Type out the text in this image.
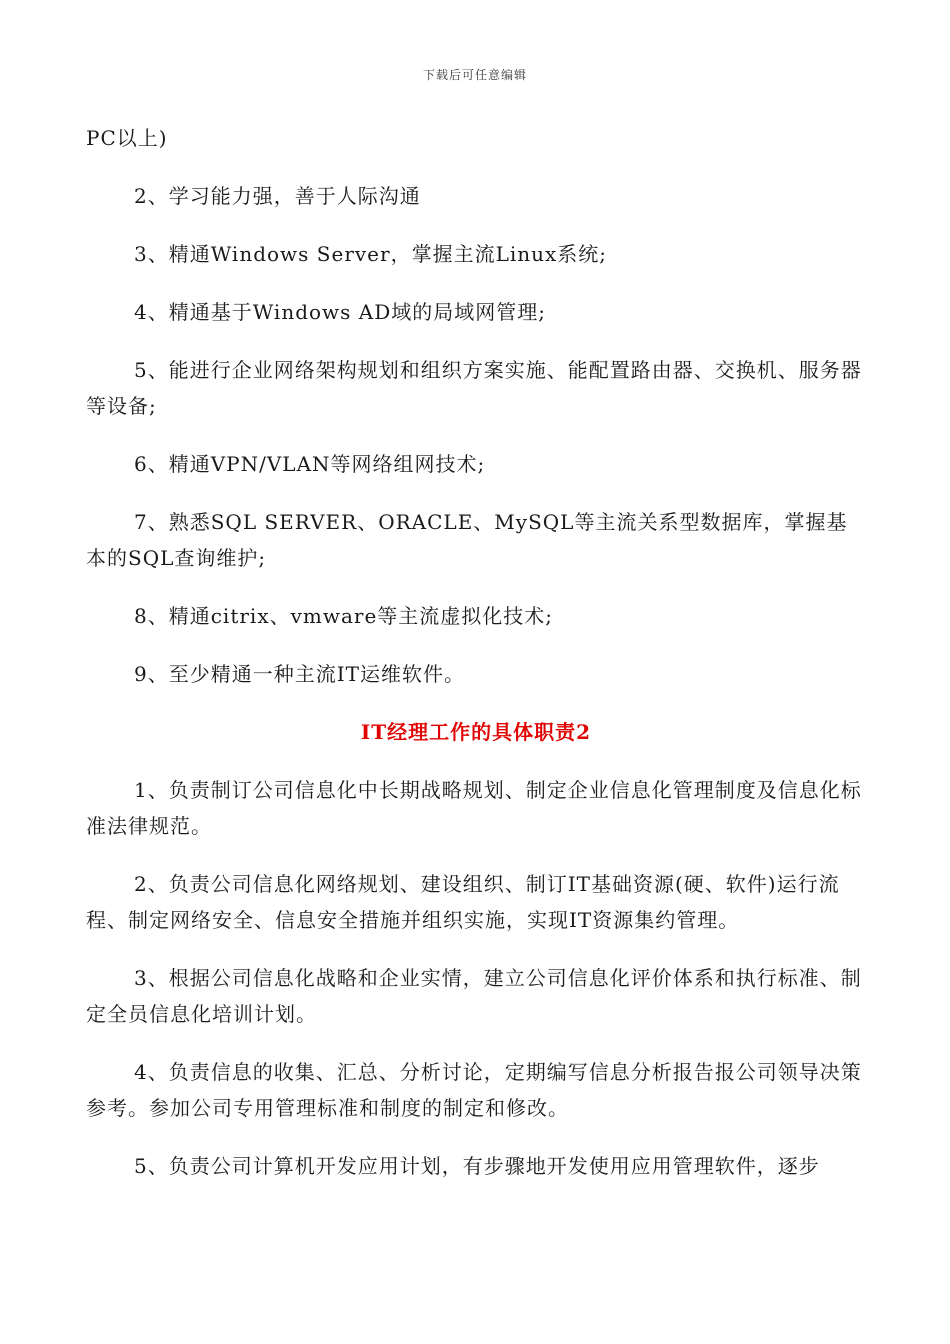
下载后可任意编辑

PC以上)

2、学习能力强，善于人际沟通

3、精通Windows Server，掌握主流Linux系统;

4、精通基于Windows AD域的局域网管理;

5、能进行企业网络架构规划和组织方案实施、能配置路由器、交换机、服务器等设备;

6、精通VPN/VLAN等网络组网技术;

7、熟悉SQL SERVER、ORACLE、MySQL等主流关系型数据库，掌握基本的SQL查询维护;

8、精通citrix、vmware等主流虚拟化技术;

9、至少精通一种主流IT运维软件。

IT经理工作的具体职责2

1、负责制订公司信息化中长期战略规划、制定企业信息化管理制度及信息化标准法律规范。

2、负责公司信息化网络规划、建设组织、制订IT基础资源(硬、软件)运行流程、制定网络安全、信息安全措施并组织实施，实现IT资源集约管理。

3、根据公司信息化战略和企业实情，建立公司信息化评价体系和执行标准、制定全员信息化培训计划。

4、负责信息的收集、汇总、分析讨论，定期编写信息分析报告报公司领导决策参考。参加公司专用管理标准和制度的制定和修改。

5、负责公司计算机开发应用计划，有步骤地开发使用应用管理软件，逐步
